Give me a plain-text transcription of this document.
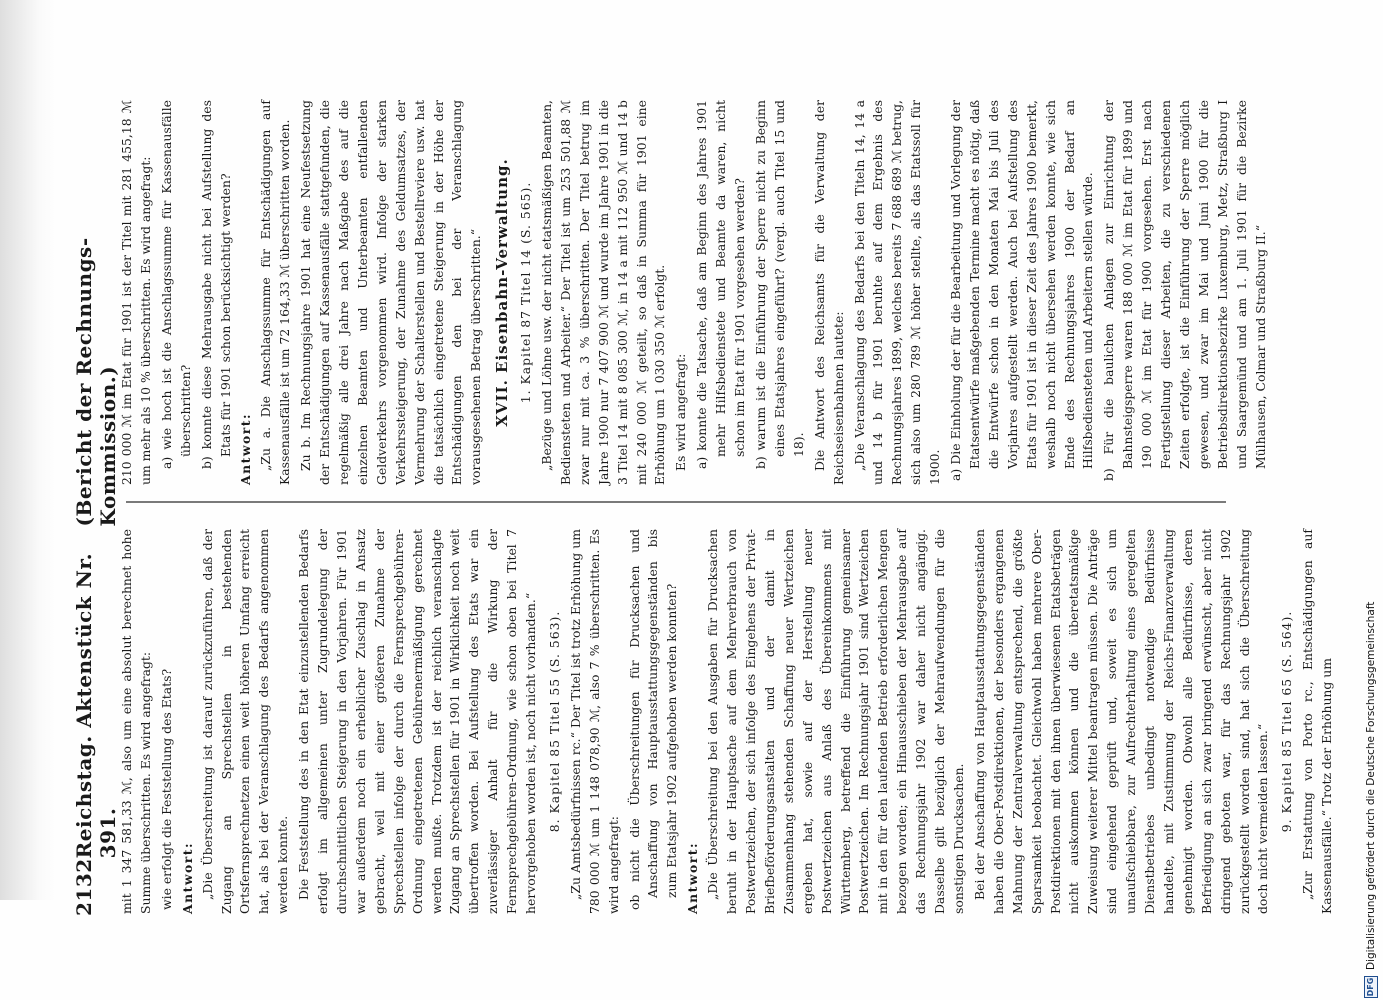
2132
Reichstag. Aktenstück Nr. 391.
(Bericht der Rechnungs-Kommission.)

mit 1 347 581,33 ℳ, also um eine absolut berechnet hohe Summe überschritten. Es wird angefragt: wie erfolgt die Feststellung des Etats? Antwort: „Die Überschreitung ist darauf zurückzuführen, daß der Zugang an Sprechstellen in bestehenden Ortsfernsprechnetzen einen weit höheren Umfang erreicht hat, als bei der Veranschlagung des Bedarfs angenommen werden konnte. Die Feststellung des in den Etat einzustellenden Bedarfs erfolgt im allgemeinen unter Zugrundelegung der durchschnittlichen Steigerung in den Vorjahren. Für 1901 war außerdem noch ein erheblicher Zuschlag in Ansatz gebracht, weil mit einer größeren Zunahme der Sprechstellen infolge der durch die Fernsprechgebühren-Ordnung eingetretenen Gebührenermäßigung gerechnet werden mußte. Trotzdem ist der reichlich veranschlagte Zugang an Sprechstellen für 1901 in Wirklichkeit noch weit übertroffen worden. Bei Aufstellung des Etats war ein zuverlässiger Anhalt für die Wirkung der Fernsprechgebühren-Ordnung, wie schon oben bei Titel 7 hervorgehoben worden ist, noch nicht vorhanden.“ 8. Kapitel 85 Titel 55 (S. 563). „Zu Amtsbedürfnissen rc.“ Der Titel ist trotz Erhöhung um 780 000 ℳ um 1 148 078,90 ℳ, also 7 % überschritten. Es wird angefragt: ob nicht die Überschreitungen für Drucksachen und Anschaffung von Hauptausstattungsgegenständen bis zum Etatsjahr 1902 aufgehoben werden konnten? Antwort: „Die Überschreitung bei den Ausgaben für Drucksachen beruht in der Hauptsache auf dem Mehrverbrauch von Postwertzeichen, der sich infolge des Eingehens der Privat-Briefbeförderungsanstalten und der damit in Zusammenhang stehenden Schaffung neuer Wertzeichen ergeben hat, sowie auf der Herstellung neuer Postwertzeichen aus Anlaß des Übereinkommens mit Württemberg, betreffend die Einführung gemeinsamer Postwertzeichen. Im Rechnungsjahr 1901 sind Wertzeichen mit in den für den laufenden Betrieb erforderlichen Mengen bezogen worden; ein Hinausschieben der Mehrausgabe auf das Rechnungsjahr 1902 war daher nicht angängig. Dasselbe gilt bezüglich der Mehraufwendungen für die sonstigen Drucksachen. Bei der Anschaffung von Hauptausstattungsgegenständen haben die Ober-Postdirektionen, der besonders ergangenen Mahnung der Zentralverwaltung entsprechend, die größte Sparsamkeit beobachtet. Gleichwohl haben mehrere Ober-Postdirektionen mit den ihnen überwiesenen Etatsbeträgen nicht auskommen können und die überetatsmäßige Zuweisung weiterer Mittel beantragen müssen. Die Anträge sind eingehend geprüft und, soweit es sich um unaufschiebbare, zur Aufrechterhaltung eines geregelten Dienstbetriebes unbedingt notwendige Bedürfnisse handelte, mit Zustimmung der Reichs-Finanzverwaltung genehmigt worden. Obwohl alle Bedürfnisse, deren Befriedigung an sich zwar bringend erwünscht, aber nicht dringend geboten war, für das Rechnungsjahr 1902 zurückgestellt worden sind, hat sich die Überschreitung doch nicht vermeiden lassen.“ 9. Kapitel 85 Titel 65 (S. 564). „Zur Erstattung von Porto rc., Entschädigungen auf Kassenausfälle.“ Trotz der Erhöhung um

210 000 ℳ im Etat für 1901 ist der Titel mit 281 455,18 ℳ um mehr als 10 % überschritten. Es wird angefragt: a) wie hoch ist die Anschlagssumme für Kassenausfälle überschritten? b) konnte diese Mehrausgabe nicht bei Aufstellung des Etats für 1901 schon berücksichtigt werden? Antwort: „Zu a. Die Anschlagssumme für Entschädigungen auf Kassenausfälle ist um 72 164,33 ℳ überschritten worden. Zu b. Im Rechnungsjahre 1901 hat eine Neufestsetzung der Entschädigungen auf Kassenausfälle stattgefunden, die regelmäßig alle drei Jahre nach Maßgabe des auf die einzelnen Beamten und Unterbeamten entfallenden Geldverkehrs vorgenommen wird. Infolge der starken Verkehrssteigerung, der Zunahme des Geldumsatzes, der Vermehrung der Schalterstellen und Bestellreviere usw. hat die tatsächlich eingetretene Steigerung in der Höhe der Entschädigungen den bei der Veranschlagung vorausgesehenen Betrag überschritten.“ XVII. Eisenbahn-Verwaltung. 1. Kapitel 87 Titel 14 (S. 565). „Bezüge und Löhne usw. der nicht etatsmäßigen Beamten, Bediensteten und Arbeiter.“ Der Titel ist um 253 501,88 ℳ zwar nur mit ca. 3 % überschritten. Der Titel betrug im Jahre 1900 nur 7 407 900 ℳ und wurde im Jahre 1901 in die 3 Titel 14 mit 8 085 300 ℳ, in 14 a mit 112 950 ℳ und 14 b mit 240 000 ℳ geteilt, so daß in Summa für 1901 eine Erhöhung um 1 030 350 ℳ erfolgt. Es wird angefragt: a) konnte die Tatsache, daß am Beginn des Jahres 1901 mehr Hilfsbedienstete und Beamte da waren, nicht schon im Etat für 1901 vorgesehen werden? b) warum ist die Einführung der Sperre nicht zu Beginn eines Etatsjahres eingeführt? (vergl. auch Titel 15 und 18). Die Antwort des Reichsamts für die Verwaltung der Reichseisenbahnen lautete: „Die Veranschlagung des Bedarfs bei den Titeln 14, 14 a und 14 b für 1901 beruhte auf dem Ergebnis des Rechnungsjahres 1899, welches bereits 7 688 689 ℳ betrug, sich also um 280 789 ℳ höher stellte, als das Etatssoll für 1900. a) Die Einholung der für die Bearbeitung und Vorlegung der Etatsentwürfe maßgebenden Termine macht es nötig, daß die Entwürfe schon in den Monaten Mai bis Juli des Vorjahres aufgestellt werden. Auch bei Aufstellung des Etats für 1901 ist in dieser Zeit des Jahres 1900 bemerkt, weshalb noch nicht übersehen werden konnte, wie sich Ende des Rechnungsjahres 1900 der Bedarf an Hilfsbediensteten und Arbeitern stellen würde. b) Für die baulichen Anlagen zur Einrichtung der Bahnsteigsperre waren 188 000 ℳ im Etat für 1899 und 190 000 ℳ im Etat für 1900 vorgesehen. Erst nach Fertigstellung dieser Arbeiten, die zu verschiedenen Zeiten erfolgte, ist die Einführung der Sperre möglich gewesen, und zwar im Mai und Juni 1900 für die Betriebsdirektionsbezirke Luxemburg, Metz, Straßburg I und Saargemünd und am 1. Juli 1901 für die Bezirke Mülhausen, Colmar und Straßburg II.“

DFG
Digitalisierung gefördert durch die Deutsche Forschungsgemeinschaft
